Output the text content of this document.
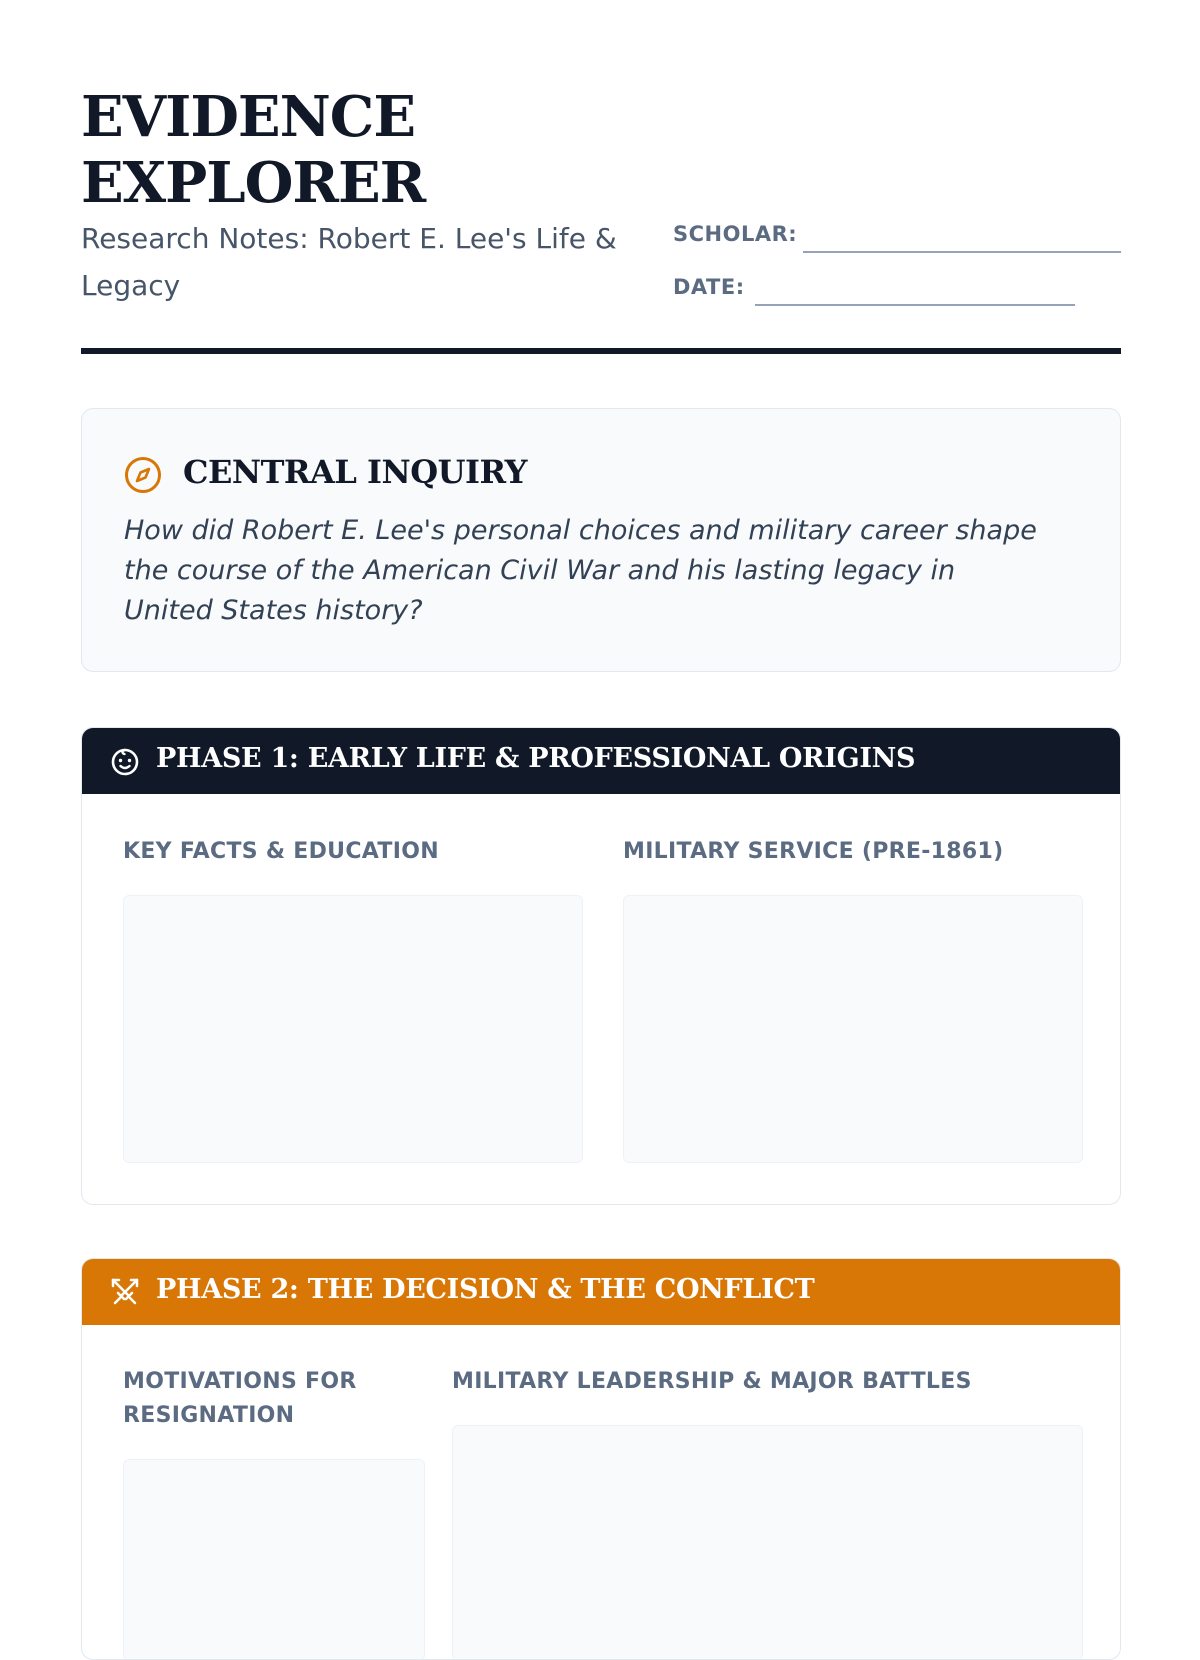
EVIDENCE
EXPLORER

Research Notes: Robert E. Lee's Life & Legacy

SCHOLAR:
DATE:
CENTRAL INQUIRY

How did Robert E. Lee's personal choices and military career shape the course of the American Civil War and his lasting legacy in United States history?

PHASE 1: EARLY LIFE & PROFESSIONAL ORIGINS
KEY FACTS & EDUCATION	MILITARY SERVICE (PRE-1861)
PHASE 2: THE DECISION & THE CONFLICT
MOTIVATIONS FOR RESIGNATION
MILITARY LEADERSHIP & MAJOR BATTLES
